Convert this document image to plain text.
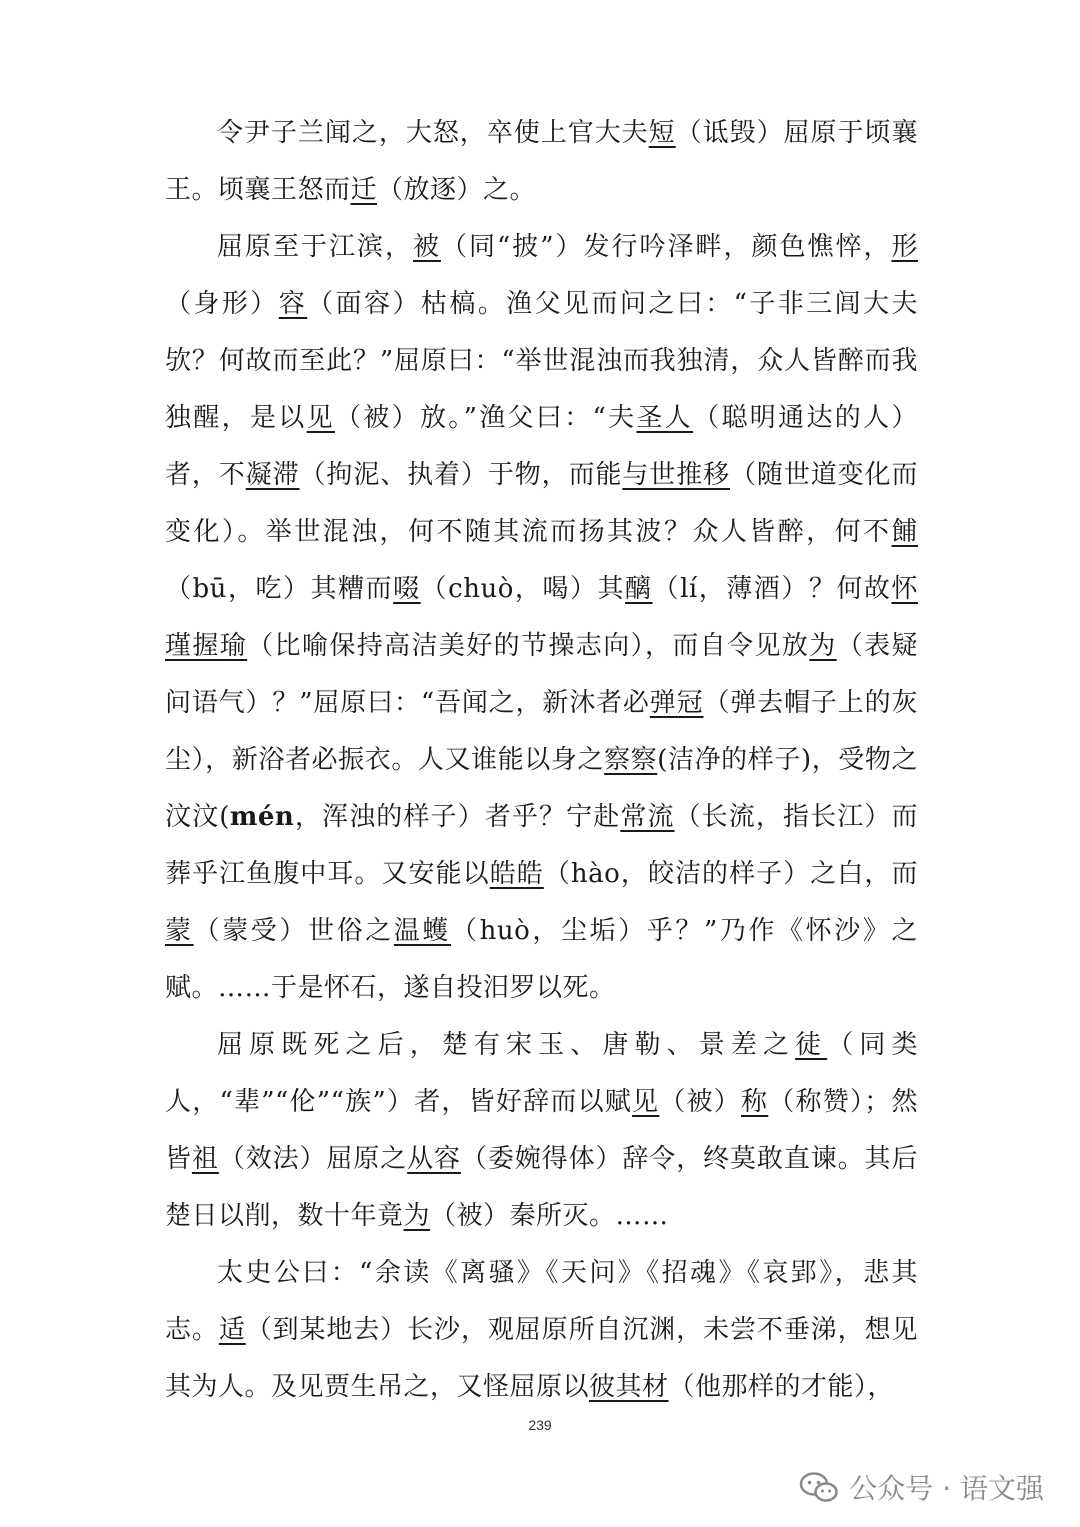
令尹子兰闻之，大怒，卒使上官大夫短（诋毁）屈原于顷襄王。顷襄王怒而迁（放逐）之。

屈原至于江滨，被（同“披”）发行吟泽畔，颜色憔悴，形（身形）容（面容）枯槁。渔父见而问之曰：“子非三闾大夫欤？何故而至此？”屈原曰：“举世混浊而我独清，众人皆醉而我独醒，是以见（被）放。”渔父曰：“夫圣人（聪明通达的人）者，不凝滞（拘泥、执着）于物，而能与世推移（随世道变化而变化）。举世混浊，何不随其流而扬其波？众人皆醉，何不餔（bū，吃）其糟而啜（chuò，喝）其醨（lí，薄酒）？何故怀瑾握瑜（比喻保持高洁美好的节操志向），而自令见放为（表疑问语气）？”屈原曰：“吾闻之，新沐者必弹冠（弹去帽子上的灰尘），新浴者必振衣。人又谁能以身之察察(洁净的样子)，受物之汶汶(mén，浑浊的样子）者乎？宁赴常流（长流，指长江）而葬乎江鱼腹中耳。又安能以皓皓（hào，皎洁的样子）之白，而蒙（蒙受）世俗之温蠖（huò，尘垢）乎？”乃作《怀沙》之赋。……于是怀石，遂自投汨罗以死。

屈原既死之后，楚有宋玉、唐勒、景差之徒（同类人，“辈”“伦”“族”）者，皆好辞而以赋见（被）称（称赞）；然皆祖（效法）屈原之从容（委婉得体）辞令，终莫敢直谏。其后楚日以削，数十年竟为（被）秦所灭。……

太史公曰：“余读《离骚》《天问》《招魂》《哀郢》，悲其志。适（到某地去）长沙，观屈原所自沉渊，未尝不垂涕，想见其为人。及见贾生吊之，又怪屈原以彼其材（他那样的才能），

239
公众号 · 语文强
